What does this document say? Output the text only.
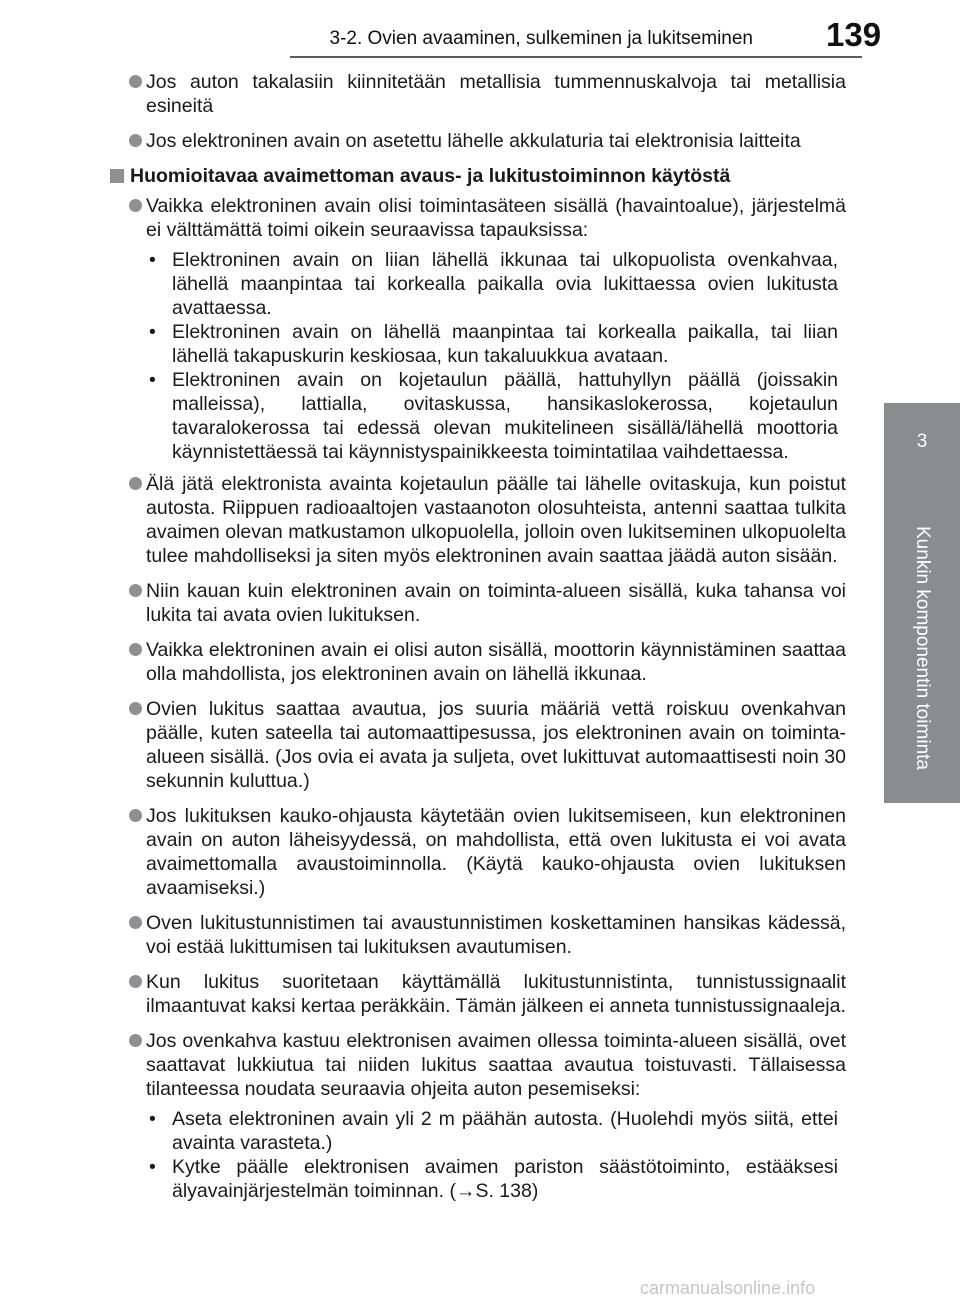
3-2. Ovien avaaminen, sulkeminen ja lukitseminen 139
3
Kunkin komponentin toiminta
Jos auton takalasiin kiinnitetään metallisia tummennuskalvoja tai metallisia esineitä
Jos elektroninen avain on asetettu lähelle akkulaturia tai elektronisia laitteita
Huomioitavaa avaimettoman avaus- ja lukitustoiminnon käytöstä
Vaikka elektroninen avain olisi toimintasäteen sisällä (havaintoalue), järjestelmä ei välttämättä toimi oikein seuraavissa tapauksissa:
• Elektroninen avain on liian lähellä ikkunaa tai ulkopuolista ovenkahvaa, lähellä maanpintaa tai korkealla paikalla ovia lukittaessa ovien lukitusta avattaessa.
• Elektroninen avain on lähellä maanpintaa tai korkealla paikalla, tai liian lähellä takapuskurin keskiosaa, kun takaluukkua avataan.
• Elektroninen avain on kojetaulun päällä, hattuhyllyn päällä (joissakin malleissa), lattialla, ovitaskussa, hansikaslokerossa, kojetaulun tavaralokerossa tai edessä olevan mukitelineen sisällä/lähellä moottoria käynnistettäessä tai käynnistyspainikkeesta toimintatilaa vaihdettaessa.
Älä jätä elektronista avainta kojetaulun päälle tai lähelle ovitaskuja, kun poistut autosta. Riippuen radioaaltojen vastaanoton olosuhteista, antenni saattaa tulkita avaimen olevan matkustamon ulkopuolella, jolloin oven lukitseminen ulkopuolelta tulee mahdolliseksi ja siten myös elektroninen avain saattaa jäädä auton sisään.
Niin kauan kuin elektroninen avain on toiminta-alueen sisällä, kuka tahansa voi lukita tai avata ovien lukituksen.
Vaikka elektroninen avain ei olisi auton sisällä, moottorin käynnistäminen saattaa olla mahdollista, jos elektroninen avain on lähellä ikkunaa.
Ovien lukitus saattaa avautua, jos suuria määriä vettä roiskuu ovenkahvan päälle, kuten sateella tai automaattipesussa, jos elektroninen avain on toiminta-alueen sisällä. (Jos ovia ei avata ja suljeta, ovet lukittuvat automaattisesti noin 30 sekunnin kuluttua.)
Jos lukituksen kauko-ohjausta käytetään ovien lukitsemiseen, kun elektroninen avain on auton läheisyydessä, on mahdollista, että oven lukitusta ei voi avata avaimettomalla avaustoiminnolla. (Käytä kauko-ohjausta ovien lukituksen avaamiseksi.)
Oven lukitustunnistimen tai avaustunnistimen koskettaminen hansikas kädessä, voi estää lukittumisen tai lukituksen avautumisen.
Kun lukitus suoritetaan käyttämällä lukitustunnistinta, tunnistussignaalit ilmaantuvat kaksi kertaa peräkkäin. Tämän jälkeen ei anneta tunnistussignaaleja.
Jos ovenkahva kastuu elektronisen avaimen ollessa toiminta-alueen sisällä, ovet saattavat lukkiutua tai niiden lukitus saattaa avautua toistuvasti. Tällaisessa tilanteessa noudata seuraavia ohjeita auton pesemiseksi:
• Aseta elektroninen avain yli 2 m päähän autosta. (Huolehdi myös siitä, ettei avainta varasteta.)
• Kytke päälle elektronisen avaimen pariston säästötoiminto, estääksesi älyavainjärjestelmän toiminnan. (→S. 138)
carmanualsonline.info
